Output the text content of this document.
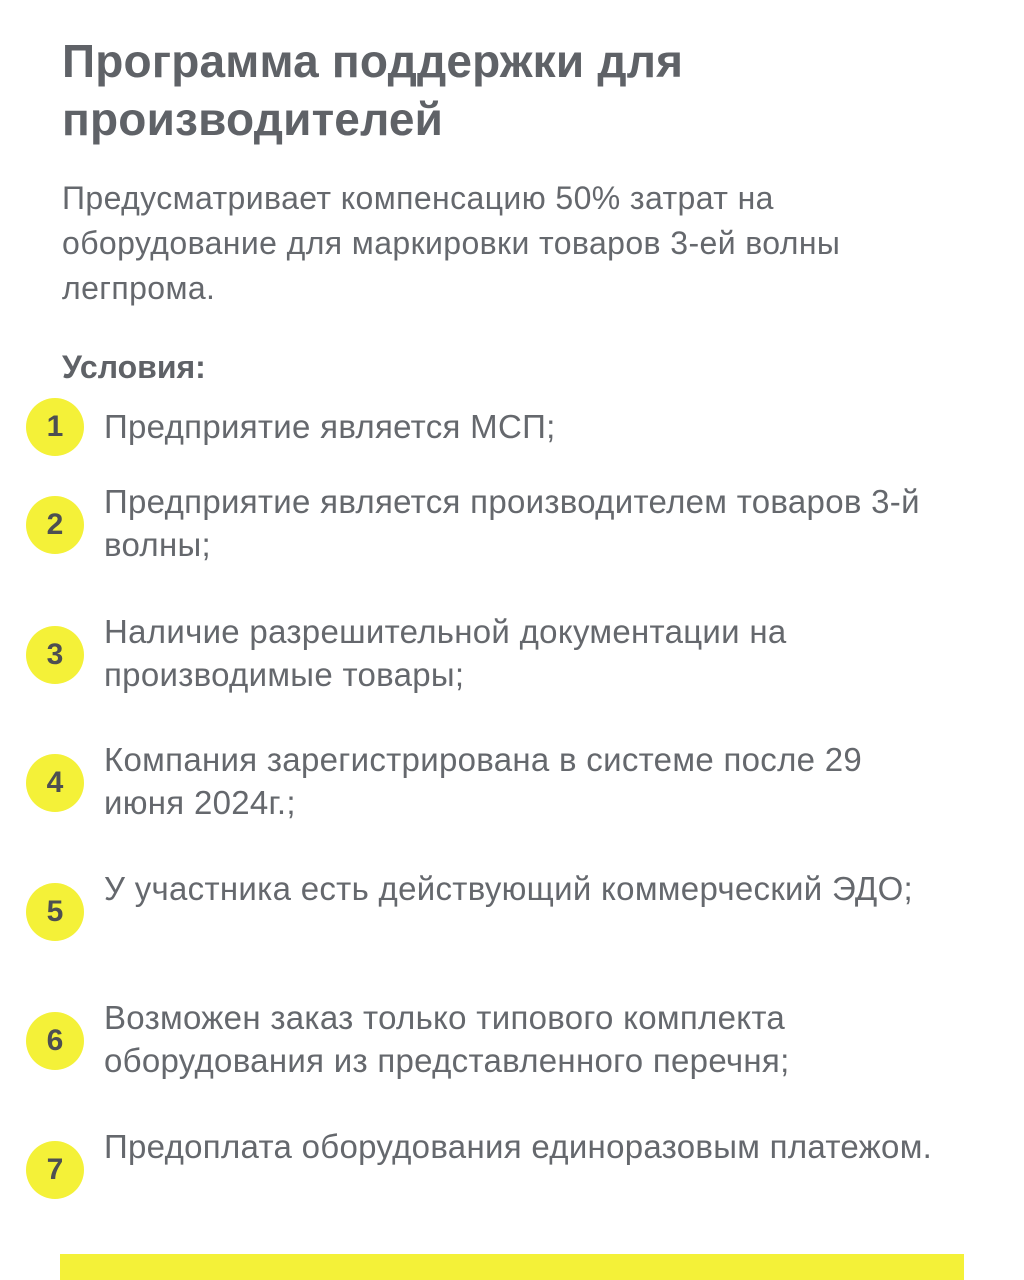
Программа поддержки для производителей

Предусматривает компенсацию 50% затрат на оборудование для маркировки товаров 3-ей волны легпрома.

Условия:
1	Предприятие является МСП;
2
Предприятие является производителем товаров 3-й волны;
3
Наличие разрешительной документации на производимые товары;
4
Компания зарегистрирована в системе после 29 июня 2024г.;
5
У участника есть действующий коммерческий ЭДО;
6
Возможен заказ только типового комплекта оборудования из представленного перечня;
7
Предоплата оборудования единоразовым платежом.
